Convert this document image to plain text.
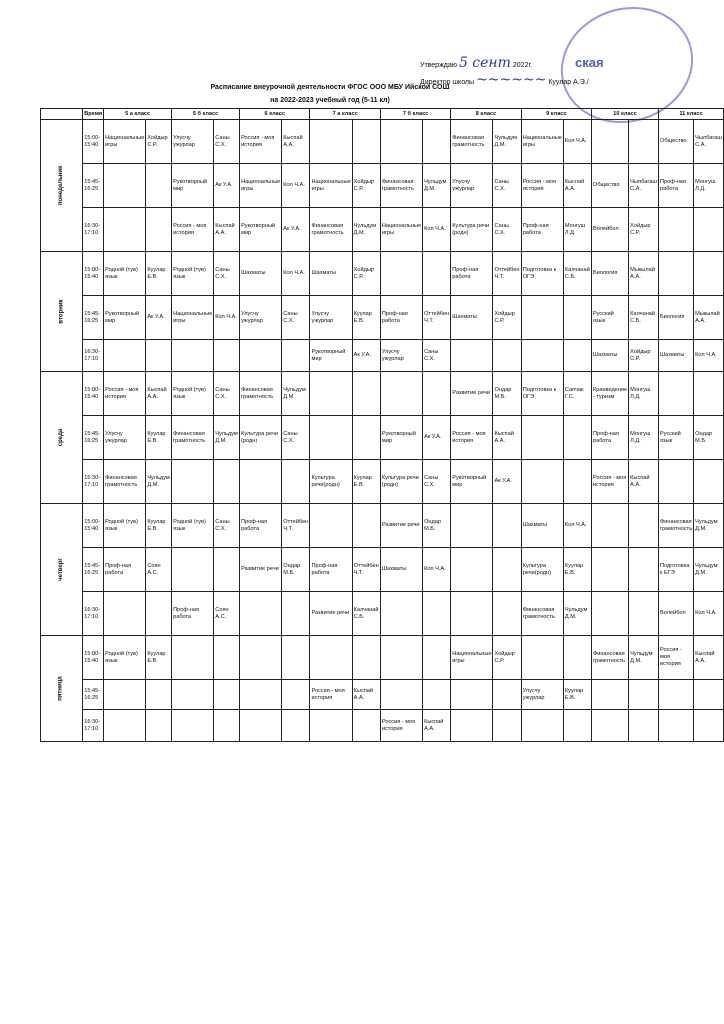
ская
Утверждаю 5 сент 2022г.
Директор школы ~~~~~~ Куулар А.Э./
Расписание внеурочной деятельности ФГОС ООО МБУ Ийской СОШ
на 2022-2023 учебный год (5-11 кл)
	Время	5 а класс		5 б класс		6 класс		7 а класс		7 б класс		8 класс		9 класс		10 класс		11 класс	
понедельник	15:00-15:40	Национальные игры	Хойдыр С.Р.	Улусчу ужурлар	Саны С.Х.	Россия - моя история	Кыспай А.А.					Финансовая грамотность	Чульдум Д.М.	Национальные игры	Кол Ч.А.			Общество	Чылбагаш С.А.
	15:45-16:25			Рукотворный мир	Ак У.А.	Национальные игры	Кол Ч.А.	Национальные игры	Хойдыр С.Р.	Финансовая грамотность	Чульдум Д.М.	Улусчу ужурлар	Саны С.Х.	Россия - моя история	Кыспай А.А.	Общество	Чылбагаш С.А.	Проф-ная работа	Монгуш Л.Д.
	16:30-17:10			Россия - моя история	Кыспай А.А.	Рукотворный мир	Ак У.А.	Финансовая грамотность	Чульдум Д.М.	Национальные игры	Кол Ч.А.	Культура речи (родн)	Саны С.Х.	Проф-ная работа	Монгуш Л.Д.	Волейбол	Хойдыр С.Р.		
вторник	15:00-15:40	Родной (тув) язык	Куулар Е.В.	Родной (тув) язык	Саны С.Х.	Шахматы	Кол Ч.А.	Шахматы	Хойдыр С.Р.			Проф-ная работа	Оттейбен Ч.Т.	Подготовка к ОГЭ	Калчанай С.Б.	Биология	Мыкылай А.А.		
	15:45-16:25	Рукотворный мир	Ак У.А.	Национальные игры	Кол Ч.А.	Улусчу ужурлар	Саны С.Х.	Улусчу ужурлар	Куулар Е.В.	Проф-ная работа	Оттейбен Ч.Т.	Шахматы	Хойдыр С.Р.			Русский язык	Калчанай С.Б.	Биология	Мыкылай А.А.
	16:30-17:10							Рукотворный мир	Ак У.А.	Улусчу ужурлар	Саны С.Х.					Шахматы	Хойдыр С.Р.	Шахматы	Кол Ч.А.
среда	15:00-15:40	Россия - моя история	Кыспай А.А.	Родной (тув) язык	Саны С.Х.	Финансовая грамотность	Чульдум Д.М.					Развитие речи	Ондар М.Б.	Подготовка к ОГЭ	Сапчак Г.С.	Краеведение - туризм	Монгуш Л.Д.		
	15:45-16:25	Улусчу ужурлар	Куулар Е.В.	Финансовая грамотность	Чульдум Д.М.	Культура речи (родн)	Саны С.Х.			Рукотворный мир	Ак У.А.	Россия - моя история	Кыспай А.А.			Проф-ная работа	Монгуш Л.Д.	Русский язык	Ондар М.Б.
	16:30-17:10	Финансовая грамотность	Чульдум Д.М.					Культура речи(родн)	Куулар Е.В.	Культура речи (родн)	Саны С.Х.	Рукотворный мир	Ак У.А.			Россия - моя история	Кыспай А.А.		
четверг	15:00-15:40	Родной (тув) язык	Куулар Е.В.	Родной (тув) язык	Саны С.Х.	Проф-ная работа	Оттейбен Ч.Т.			Развитие речи	Ондар М.Б.			Шахматы	Кол Ч.А.			Финансовая грамотность	Чульдум Д.М.
	15:45-16:25	Проф-ная работа	Соян А.С.			Развитие речи	Ондар М.Б.	Проф-ная работа	Оттейбен Ч.Т.	Шахматы	Кол Ч.А.			Культура речи(родн)	Куулар Е.В.			Подготовка к ЕГЭ	Чульдум Д.М.
	16:30-17:10			Проф-ная работа	Соян А.С.			Развитие речи	Калчанай С.Б.					Финансовая грамотность	Чульдум Д.М.			Волейбол	Кол Ч.А.
пятница	15:00-15:40	Родной (тув) язык	Куулар Е.В.									Национальные игры	Хойдыр С.Р.			Финансовая грамотность	Чульдум Д.М.	Россия - моя история	Кыспай А.А.
	15:45-16:25							Россия - моя история	Кыспай А.А.					Улусчу ужурлар	Куулар Е.В.				
	16:30-17:10									Россия - моя история	Кыспай А.А.								
